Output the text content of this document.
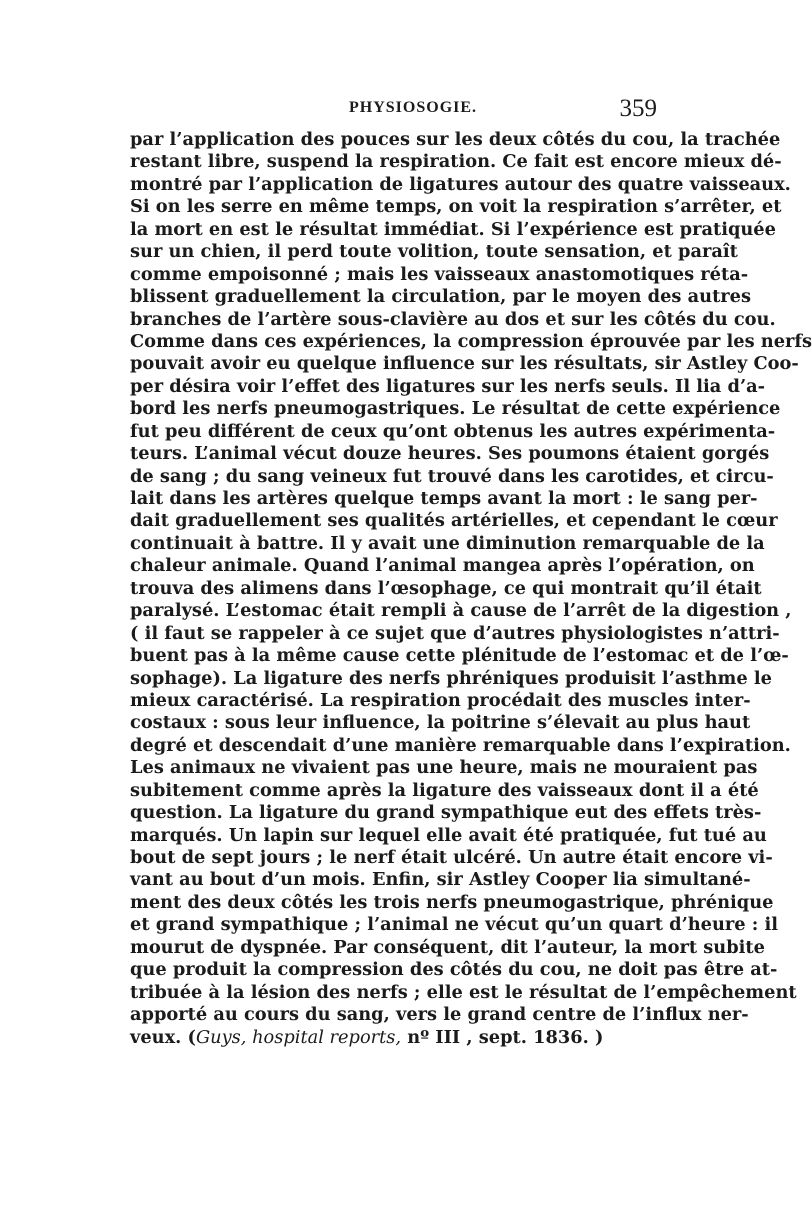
PHYSIOSOGIE.	359
par l’application des pouces sur les deux côtés du cou, la trachée
restant libre, suspend la respiration. Ce fait est encore mieux dé-
montré par l’application de ligatures autour des quatre vaisseaux.
Si on les serre en même temps, on voit la respiration s’arrêter, et
la mort en est le résultat immédiat. Si l’expérience est pratiquée
sur un chien, il perd toute volition, toute sensation, et paraît
comme empoisonné ; mais les vaisseaux anastomotiques réta-
blissent graduellement la circulation, par le moyen des autres
branches de l’artère sous-clavière au dos et sur les côtés du cou.
Comme dans ces expériences, la compression éprouvée par les nerfs
pouvait avoir eu quelque influence sur les résultats, sir Astley Coo-
per désira voir l’effet des ligatures sur les nerfs seuls. Il lia d’a-
bord les nerfs pneumogastriques. Le résultat de cette expérience
fut peu différent de ceux qu’ont obtenus les autres expérimenta-
teurs. L’animal vécut douze heures. Ses poumons étaient gorgés
de sang ; du sang veineux fut trouvé dans les carotides, et circu-
lait dans les artères quelque temps avant la mort : le sang per-
dait graduellement ses qualités artérielles, et cependant le cœur
continuait à battre. Il y avait une diminution remarquable de la
chaleur animale. Quand l’animal mangea après l’opération, on
trouva des alimens dans l’œsophage, ce qui montrait qu’il était
paralysé. L’estomac était rempli à cause de l’arrêt de la digestion ,
( il faut se rappeler à ce sujet que d’autres physiologistes n’attri-
buent pas à la même cause cette plénitude de l’estomac et de l’œ-
sophage). La ligature des nerfs phréniques produisit l’asthme le
mieux caractérisé. La respiration procédait des muscles inter-
costaux : sous leur influence, la poitrine s’élevait au plus haut
degré et descendait d’une manière remarquable dans l’expiration.
Les animaux ne vivaient pas une heure, mais ne mouraient pas
subitement comme après la ligature des vaisseaux dont il a été
question. La ligature du grand sympathique eut des effets très-
marqués. Un lapin sur lequel elle avait été pratiquée, fut tué au
bout de sept jours ; le nerf était ulcéré. Un autre était encore vi-
vant au bout d’un mois. Enfin, sir Astley Cooper lia simultané-
ment des deux côtés les trois nerfs pneumogastrique, phrénique
et grand sympathique ; l’animal ne vécut qu’un quart d’heure : il
mourut de dyspnée. Par conséquent, dit l’auteur, la mort subite
que produit la compression des côtés du cou, ne doit pas être at-
tribuée à la lésion des nerfs ; elle est le résultat de l’empêchement
apporté au cours du sang, vers le grand centre de l’influx ner-
veux. (Guys, hospital reports, nº III , sept. 1836. )
